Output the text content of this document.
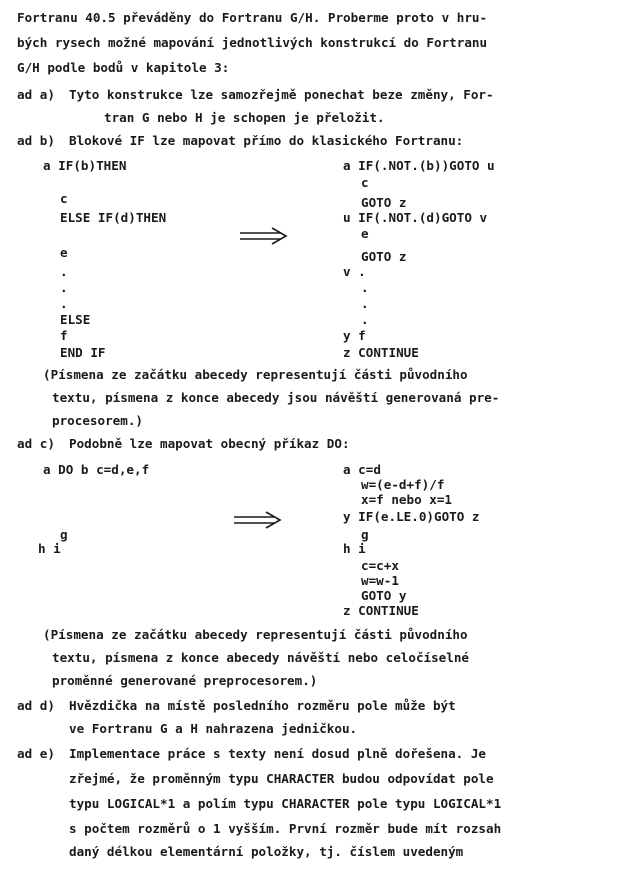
Fortranu 40.5 převáděny do Fortranu G/H. Proberme proto v hru-
bých rysech možné mapování jednotlivých konstrukcí do Fortranu
G/H podle bodů v kapitole 3:
ad a) Tyto konstrukce lze samozřejmě ponechat beze změny, For-
tran G nebo H je schopen je přeložit.
ad b) Blokové IF lze mapovat přímo do klasického Fortranu:
a IF(b)THEN
c
ELSE IF(d)THEN
e
.
.
.
ELSE
f
END IF
a IF(.NOT.(b))GOTO u
c
GOTO z
u IF(.NOT.(d)GOTO v
e
GOTO z
v .
.
.
.
y f
z CONTINUE
(Písmena ze začátku abecedy representují části původního
textu, písmena z konce abecedy jsou návěští generovaná pre-
procesorem.)
ad c) Podobně lze mapovat obecný příkaz DO:
a DO b c=d,e,f
g
h i
a c=d
w=(e-d+f)/f
x=f nebo x=1
y IF(e.LE.0)GOTO z
g
h i
c=c+x
w=w-1
GOTO y
z CONTINUE
(Písmena ze začátku abecedy representují části původního
textu, písmena z konce abecedy návěští nebo celočíselné
proměnné generované preprocesorem.)
ad d) Hvězdička na místě posledního rozměru pole může být
ve Fortranu G a H nahrazena jedničkou.
ad e) Implementace práce s texty není dosud plně dořešena. Je
zřejmé, že proměnným typu CHARACTER budou odpovídat pole
typu LOGICAL*1 a polím typu CHARACTER pole typu LOGICAL*1
s počtem rozměrů o 1 vyšším. První rozměr bude mít rozsah
daný délkou elementární položky, tj. číslem uvedeným
